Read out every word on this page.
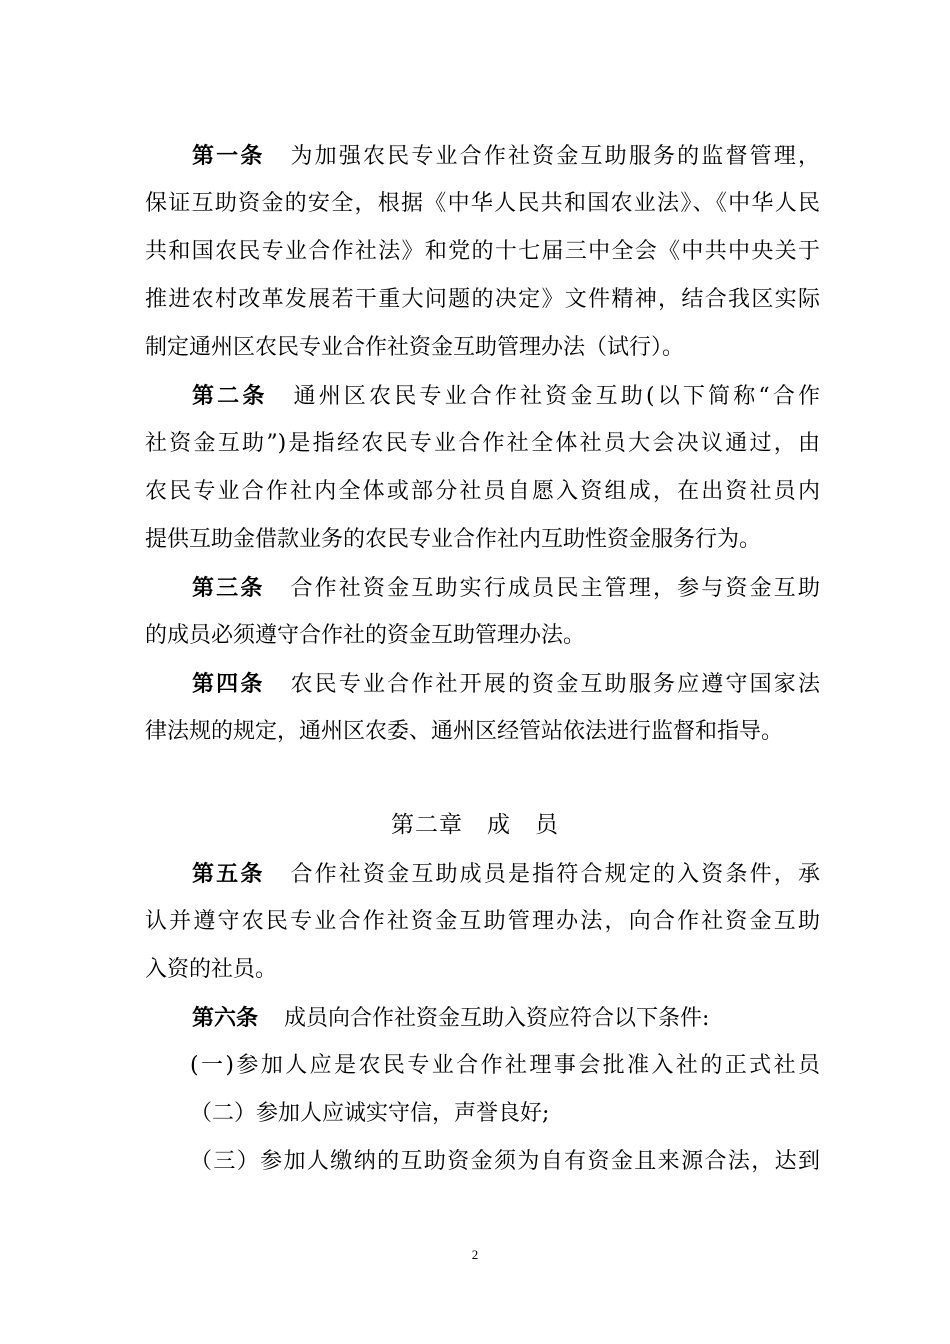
第一条 为加强农民专业合作社资金互助服务的监督管理，
保证互助资金的安全，根据《中华人民共和国农业法》、《中华人民
共和国农民专业合作社法》和党的十七届三中全会《中共中央关于
推进农村改革发展若干重大问题的决定》文件精神，结合我区实际
制定通州区农民专业合作社资金互助管理办法（试行）。
第二条 通州区农民专业合作社资金互助(以下简称“合作
社资金互助”)是指经农民专业合作社全体社员大会决议通过，由
农民专业合作社内全体或部分社员自愿入资组成，在出资社员内
提供互助金借款业务的农民专业合作社内互助性资金服务行为。
第三条 合作社资金互助实行成员民主管理，参与资金互助
的成员必须遵守合作社的资金互助管理办法。
第四条 农民专业合作社开展的资金互助服务应遵守国家法
律法规的规定，通州区农委、通州区经管站依法进行监督和指导。
第二章 成　员
第五条 合作社资金互助成员是指符合规定的入资条件，承
认并遵守农民专业合作社资金互助管理办法，向合作社资金互助
入资的社员。
第六条 成员向合作社资金互助入资应符合以下条件:
(一)参加人应是农民专业合作社理事会批准入社的正式社员
（二）参加人应诚实守信，声誉良好;
（三）参加人缴纳的互助资金须为自有资金且来源合法，达到
2
